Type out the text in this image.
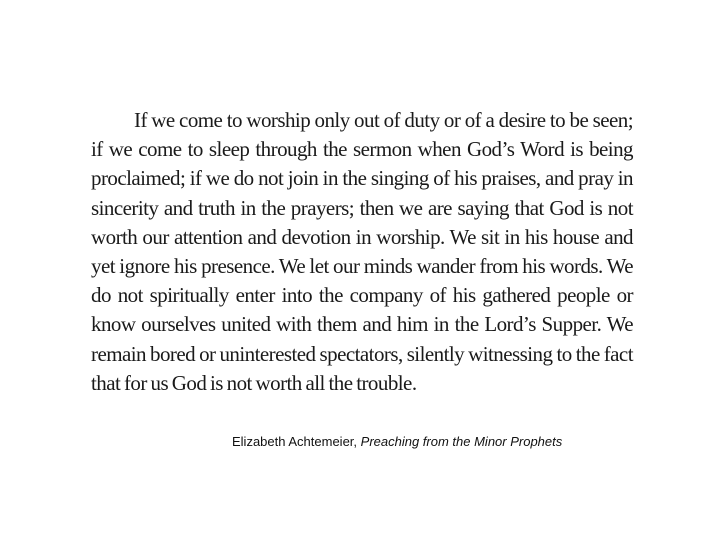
If we come to worship only out of duty or of a desire to be seen;
if we come to sleep through the sermon when God’s Word is being
proclaimed; if we do not join in the singing of his praises, and pray in
sincerity and truth in the prayers; then we are saying that God is not
worth our attention and devotion in worship. We sit in his house and
yet ignore his presence. We let our minds wander from his words. We
do not spiritually enter into the company of his gathered people or
know ourselves united with them and him in the Lord’s Supper. We
remain bored or uninterested spectators, silently witnessing to the fact
that for us God is not worth all the trouble.

Elizabeth Achtemeier, Preaching from the Minor Prophets
